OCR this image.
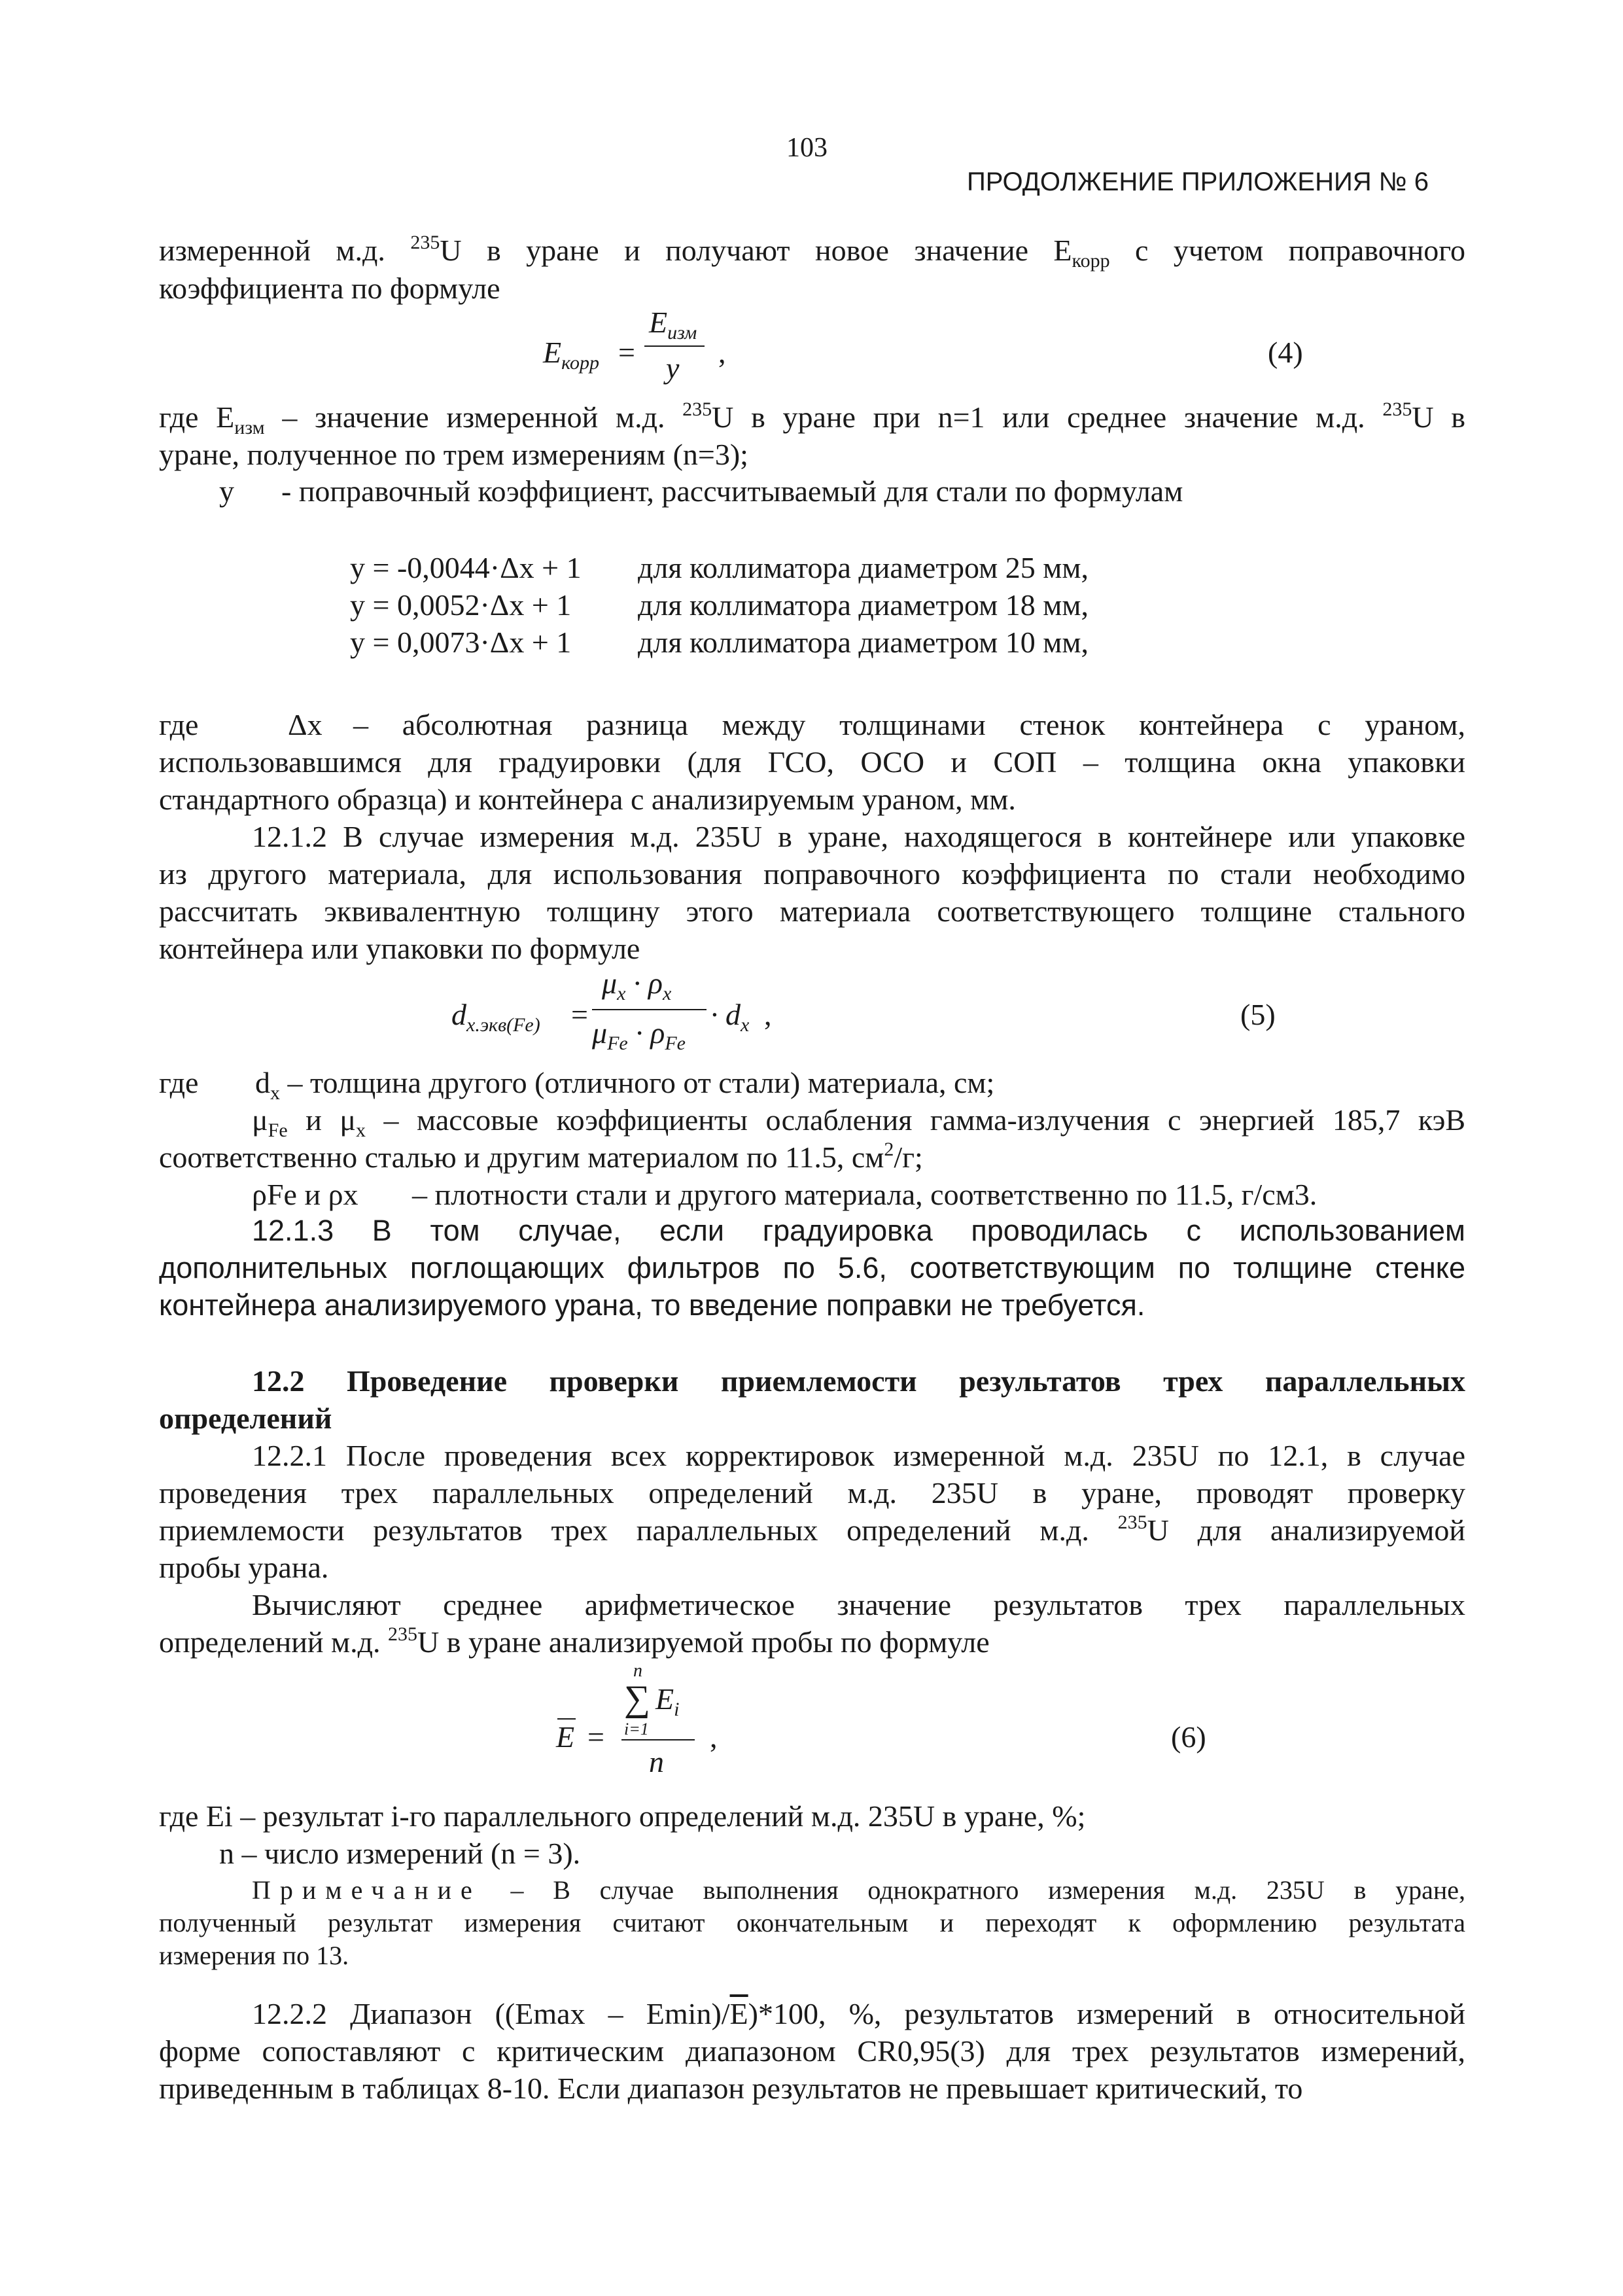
103
ПРОДОЛЖЕНИЕ ПРИЛОЖЕНИЯ № 6
измеренной м.д. $^{235}$U в уране и получают новое значение $E_{корр}$ с учетом поправочного
коэффициента по формуле
$E_{корр}$ =
$E_{изм}$
y ,	(4)
где $E_{изм}$ – значение измеренной м.д. $^{235}$U в уране при n=1 или среднее значение м.д. $^{235}$U в
уране, полученное по трем измерениям (n=3);
y - поправочный коэффициент, рассчитываемый для стали по формулам
y = -0,0044·Δx + 1 для коллиматора диаметром 25 мм,
y = 0,0052·Δx + 1 для коллиматора диаметром 18 мм,
y = 0,0073·Δx + 1 для коллиматора диаметром 10 мм,
где	Δx – абсолютная разница между толщинами стенок контейнера с ураном,
использовавшимся для градуировки (для ГСО, ОСО и СОП – толщина окна упаковки
стандартного образца) и контейнера с анализируемым ураном, мм.
12.1.2 В случае измерения м.д. 235U в уране, находящегося в контейнере или упаковке
из другого материала, для использования поправочного коэффициента по стали необходимо
рассчитать эквивалентную толщину этого материала соответствующего толщине стального
контейнера или упаковки по формуле
$d_{х.экв(Fe)}$ =
$\mu_x \cdot \rho_x$
$\mu_{Fe} \cdot \rho_{Fe}$
· $d_x$ ,	(5)
где $d_x$ – толщина другого (отличного от стали) материала, см;
$\mu_{Fe}$ и $\mu_x$ – массовые коэффициенты ослабления гамма-излучения с энергией 185,7 кэВ
соответственно сталью и другим материалом по 11.5, $см^2/г$;
ρFe и ρx – плотности стали и другого материала, соответственно по 11.5, г/см3.
12.1.3 В том случае, если градуировка проводилась с использованием
дополнительных поглощающих фильтров по 5.6, соответствующим по толщине стенке
контейнера анализируемого урана, то введение поправки не требуется.
12.2 Проведение проверки приемлемости результатов трех параллельных
определений
12.2.1 После проведения всех корректировок измеренной м.д. 235U по 12.1, в случае
проведения трех параллельных определений м.д. 235U в уране, проводят проверку
приемлемости результатов трех параллельных определений м.д. $^{235}$U для анализируемой
пробы урана.
Вычисляют среднее арифметическое значение результатов трех параллельных
определений м.д. $^{235}$U в уране анализируемой пробы по формуле
E =
n
∑ $E_i$
i=1
n
,	(6)
где Ei – результат i-го параллельного определений м.д. 235U в уране, %;
n – число измерений (n = 3).
Примечание – В случае выполнения однократного измерения м.д. 235U в уране,
полученный результат измерения считают окончательным и переходят к оформлению результата
измерения по 13.
12.2.2 Диапазон $((Emax - Emin)/\overline{E})*100$, %, результатов измерений в относительной
форме сопоставляют с критическим диапазоном CR0,95(3) для трех результатов измерений,
приведенным в таблицах 8-10. Если диапазон результатов не превышает критический, то
